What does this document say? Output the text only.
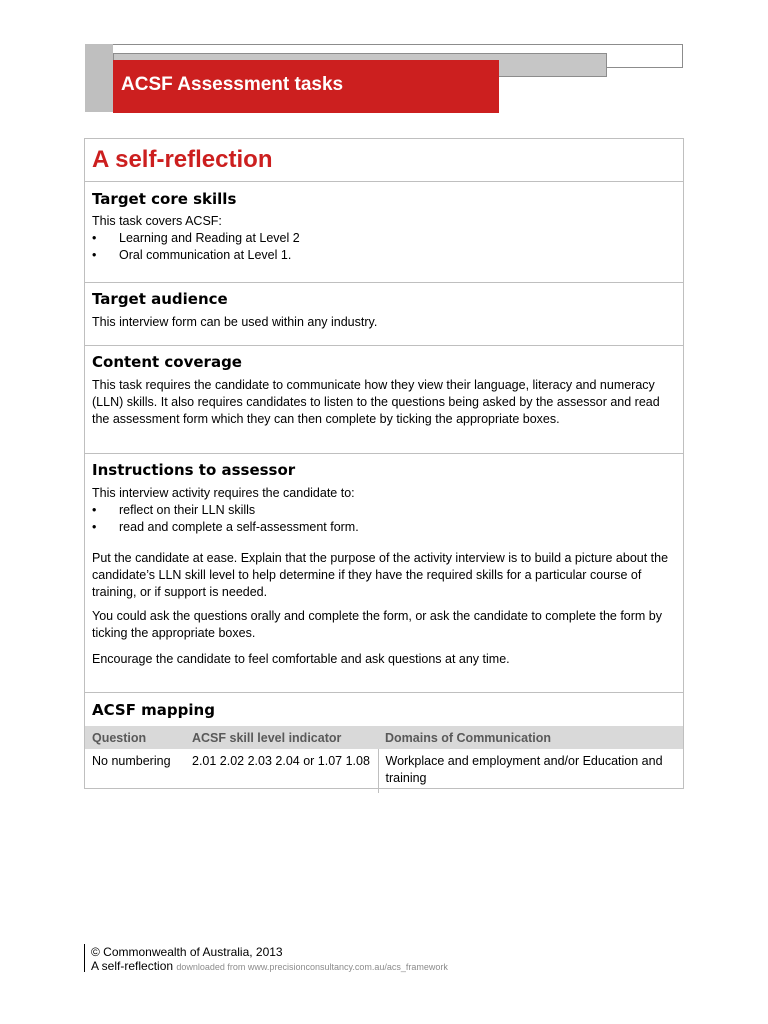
ACSF Assessment tasks
A self-reflection
Target core skills

This task covers ACSF:

• Learning and Reading at Level 2
• Oral communication at Level 1.
Target audience

This interview form can be used within any industry.

Content coverage

This task requires the candidate to communicate how they view their language, literacy and numeracy (LLN) skills. It also requires candidates to listen to the questions being asked by the assessor and read the assessment form which they can then complete by ticking the appropriate boxes.

Instructions to assessor

This interview activity requires the candidate to:

• reflect on their LLN skills
• read and complete a self-assessment form.

Put the candidate at ease. Explain that the purpose of the activity interview is to build a picture about the candidate’s LLN skill level to help determine if they have the required skills for a particular course of training, or if support is needed.

You could ask the questions orally and complete the form, or ask the candidate to complete the form by ticking the appropriate boxes.

Encourage the candidate to feel comfortable and ask questions at any time.

ACSF mapping
Question	ACSF skill level indicator	Domains of Communication
No numbering	2.01 2.02 2.03 2.04 or 1.07 1.08	Workplace and employment and/or Education and training
© Commonwealth of Australia, 2013
A self-reflection downloaded from www.precisionconsultancy.com.au/acs_framework
